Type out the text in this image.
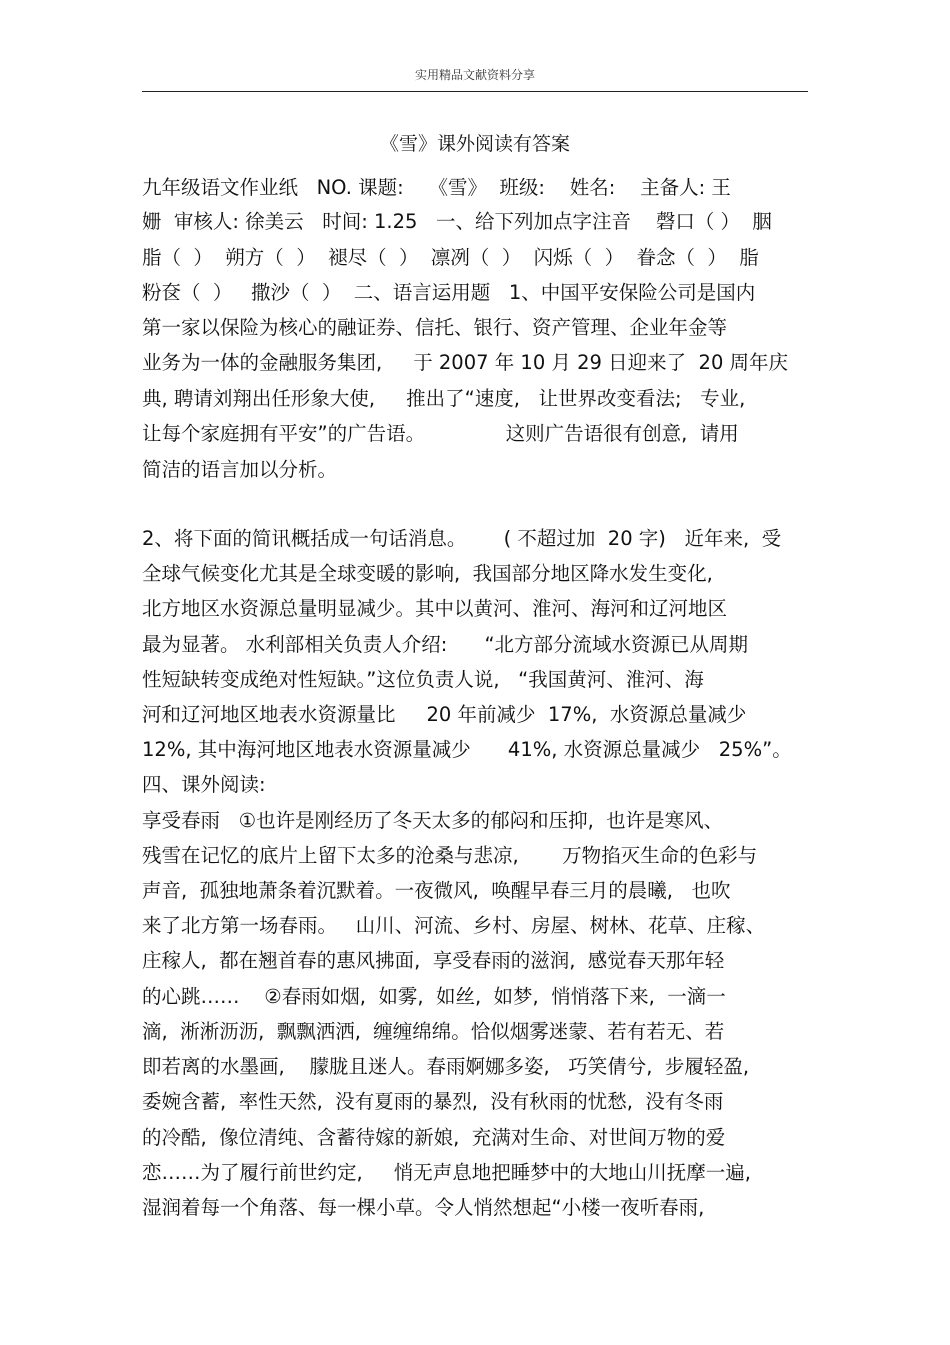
实用精品文献资料分享
《雪》课外阅读有答案
九年级语文作业纸   NO. 课题:    《雪》  班级:    姓名:    主备人: 王
姗  审核人: 徐美云   时间: 1.25   一、给下列加点字注音    磬口（ ）  胭
脂（  ）  朔方（  ）  褪尽（  ）  凛冽（  ）  闪烁（  ）  眷念（  ）  脂
粉奁（  ）   撒沙（  ）  二、语言运用题   1、中国平安保险公司是国内
第一家以保险为核心的融证券、信托、银行、资产管理、企业年金等
业务为一体的金融服务集团,     于 2007 年 10 月 29 日迎来了  20 周年庆
典, 聘请刘翔出任形象大使,     推出了“速度,   让世界改变看法;   专业,
让每个家庭拥有平安”的广告语。             这则广告语很有创意,  请用
简洁的语言加以分析。
2、将下面的简讯概括成一句话消息。      ( 不超过加  20 字)   近年来,  受
全球气候变化尤其是全球变暖的影响,  我国部分地区降水发生变化,
北方地区水资源总量明显减少。其中以黄河、淮河、海河和辽河地区
最为显著。 水利部相关负责人介绍:      “北方部分流域水资源已从周期
性短缺转变成绝对性短缺。”这位负责人说,   “我国黄河、淮河、海
河和辽河地区地表水资源量比     20 年前减少  17%,  水资源总量减少
12%, 其中海河地区地表水资源量减少      41%, 水资源总量减少   25%”。
四、课外阅读:
享受春雨   ①也许是刚经历了冬天太多的郁闷和压抑,  也许是寒风、
残雪在记忆的底片上留下太多的沧桑与悲凉,       万物掐灭生命的色彩与
声音,  孤独地萧条着沉默着。一夜微风,  唤醒早春三月的晨曦,   也吹
来了北方第一场春雨。   山川、河流、乡村、房屋、树林、花草、庄稼、
庄稼人,  都在翘首春的惠风拂面,  享受春雨的滋润,  感觉春天那年轻
的心跳……    ②春雨如烟,  如雾,  如丝,  如梦,  悄悄落下来,  一滴一
滴,  淅淅沥沥,  飘飘洒洒,  缠缠绵绵。恰似烟雾迷蒙、若有若无、若
即若离的水墨画,    朦胧且迷人。春雨婀娜多姿,   巧笑倩兮,  步履轻盈,
委婉含蓄,  率性天然,  没有夏雨的暴烈,  没有秋雨的忧愁,  没有冬雨
的冷酷,  像位清纯、含蓄待嫁的新娘,  充满对生命、对世间万物的爱
恋……为了履行前世约定,     悄无声息地把睡梦中的大地山川抚摩一遍,
湿润着每一个角落、每一棵小草。令人悄然想起“小楼一夜听春雨,
